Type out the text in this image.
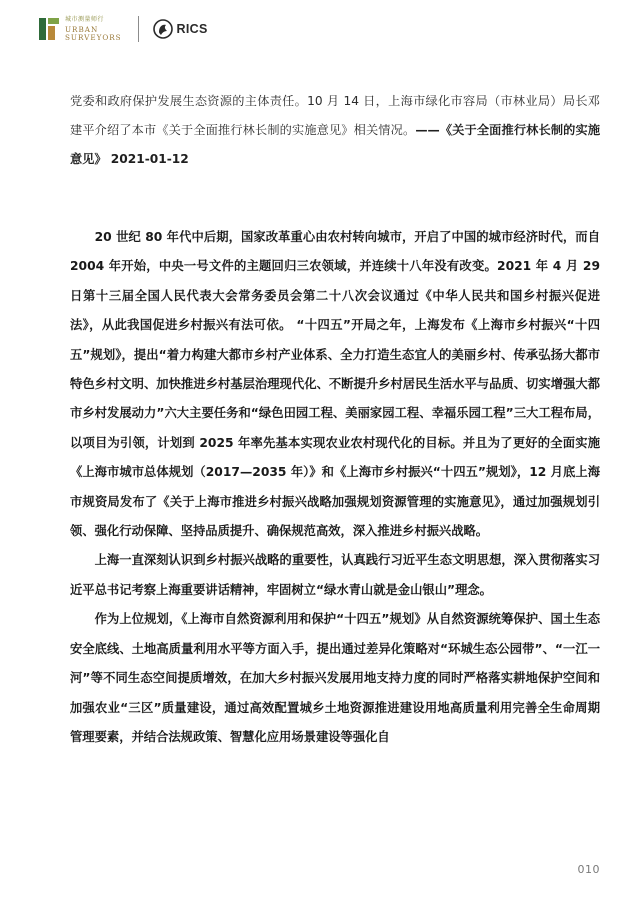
城市测量师行
URBAN
SURVEYORS
RICS
党委和政府保护发展生态资源的主体责任。10 月 14 日，上海市绿化市容局（市林业局）局长邓建平介绍了本市《关于全面推行林长制的实施意见》相关情况。——《关于全面推行林长制的实施意见》 2021-01-12

20 世纪 80 年代中后期，国家改革重心由农村转向城市，开启了中国的城市经济时代，而自 2004 年开始，中央一号文件的主题回归三农领域，并连续十八年没有改变。2021 年 4 月 29 日第十三届全国人民代表大会常务委员会第二十八次会议通过《中华人民共和国乡村振兴促进法》，从此我国促进乡村振兴有法可依。 “十四五”开局之年，上海发布《上海市乡村振兴“十四五”规划》，提出“着力构建大都市乡村产业体系、全力打造生态宜人的美丽乡村、传承弘扬大都市特色乡村文明、加快推进乡村基层治理现代化、不断提升乡村居民生活水平与品质、切实增强大都市乡村发展动力”六大主要任务和“绿色田园工程、美丽家园工程、幸福乐园工程”三大工程布局，以项目为引领，计划到 2025 年率先基本实现农业农村现代化的目标。并且为了更好的全面实施《上海市城市总体规划（2017—2035 年）》和《上海市乡村振兴“十四五”规划》，12 月底上海市规资局发布了《关于上海市推进乡村振兴战略加强规划资源管理的实施意见》，通过加强规划引领、强化行动保障、坚持品质提升、确保规范高效，深入推进乡村振兴战略。

上海一直深刻认识到乡村振兴战略的重要性，认真践行习近平生态文明思想，深入贯彻落实习近平总书记考察上海重要讲话精神，牢固树立“绿水青山就是金山银山”理念。

作为上位规划，《上海市自然资源利用和保护“十四五”规划》从自然资源统筹保护、国土生态安全底线、土地高质量利用水平等方面入手，提出通过差异化策略对“环城生态公园带”、“一江一河”等不同生态空间提质增效，在加大乡村振兴发展用地支持力度的同时严格落实耕地保护空间和加强农业“三区”质量建设，通过高效配置城乡土地资源推进建设用地高质量利用完善全生命周期管理要素，并结合法规政策、智慧化应用场景建设等强化自

010
